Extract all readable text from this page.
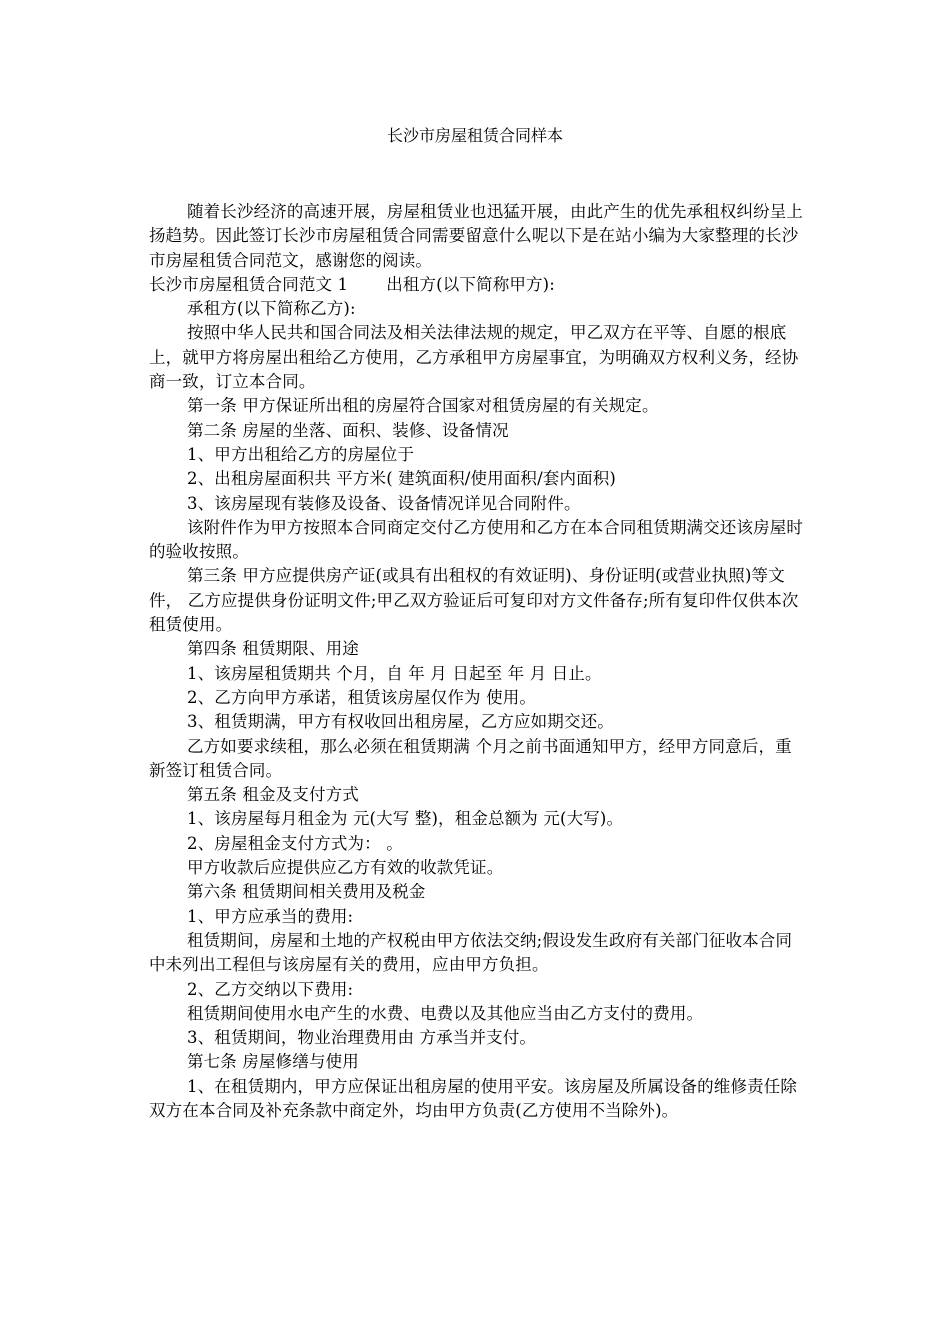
长沙市房屋租赁合同样本

随着长沙经济的高速开展，房屋租赁业也迅猛开展，由此产生的优先承租权纠纷呈上扬趋势。因此签订长沙市房屋租赁合同需要留意什么呢以下是在站小编为大家整理的长沙市房屋租赁合同范文，感谢您的阅读。

长沙市房屋租赁合同范文 1 出租方(以下简称甲方):

承租方(以下简称乙方):

按照中华人民共和国合同法及相关法律法规的规定，甲乙双方在平等、自愿的根底上，就甲方将房屋出租给乙方使用，乙方承租甲方房屋事宜，为明确双方权利义务，经协商一致，订立本合同。

第一条 甲方保证所出租的房屋符合国家对租赁房屋的有关规定。

第二条 房屋的坐落、面积、装修、设备情况

1、甲方出租给乙方的房屋位于

2、出租房屋面积共 平方米( 建筑面积/使用面积/套内面积)

3、该房屋现有装修及设备、设备情况详见合同附件。

该附件作为甲方按照本合同商定交付乙方使用和乙方在本合同租赁期满交还该房屋时的验收按照。

第三条 甲方应提供房产证(或具有出租权的有效证明)、身份证明(或营业执照)等文件， 乙方应提供身份证明文件;甲乙双方验证后可复印对方文件备存;所有复印件仅供本次租赁使用。

第四条 租赁期限、用途

1、该房屋租赁期共 个月，自 年 月 日起至 年 月 日止。

2、乙方向甲方承诺，租赁该房屋仅作为 使用。

3、租赁期满，甲方有权收回出租房屋，乙方应如期交还。

乙方如要求续租，那么必须在租赁期满 个月之前书面通知甲方，经甲方同意后，重新签订租赁合同。

第五条 租金及支付方式

1、该房屋每月租金为 元(大写 整)，租金总额为 元(大写)。

2、房屋租金支付方式为： 。

甲方收款后应提供应乙方有效的收款凭证。

第六条 租赁期间相关费用及税金

1、甲方应承当的费用:

租赁期间，房屋和土地的产权税由甲方依法交纳;假设发生政府有关部门征收本合同中未列出工程但与该房屋有关的费用，应由甲方负担。

2、乙方交纳以下费用:

租赁期间使用水电产生的水费、电费以及其他应当由乙方支付的费用。

3、租赁期间，物业治理费用由 方承当并支付。

第七条 房屋修缮与使用

1、在租赁期内，甲方应保证出租房屋的使用平安。该房屋及所属设备的维修责任除双方在本合同及补充条款中商定外，均由甲方负责(乙方使用不当除外)。
